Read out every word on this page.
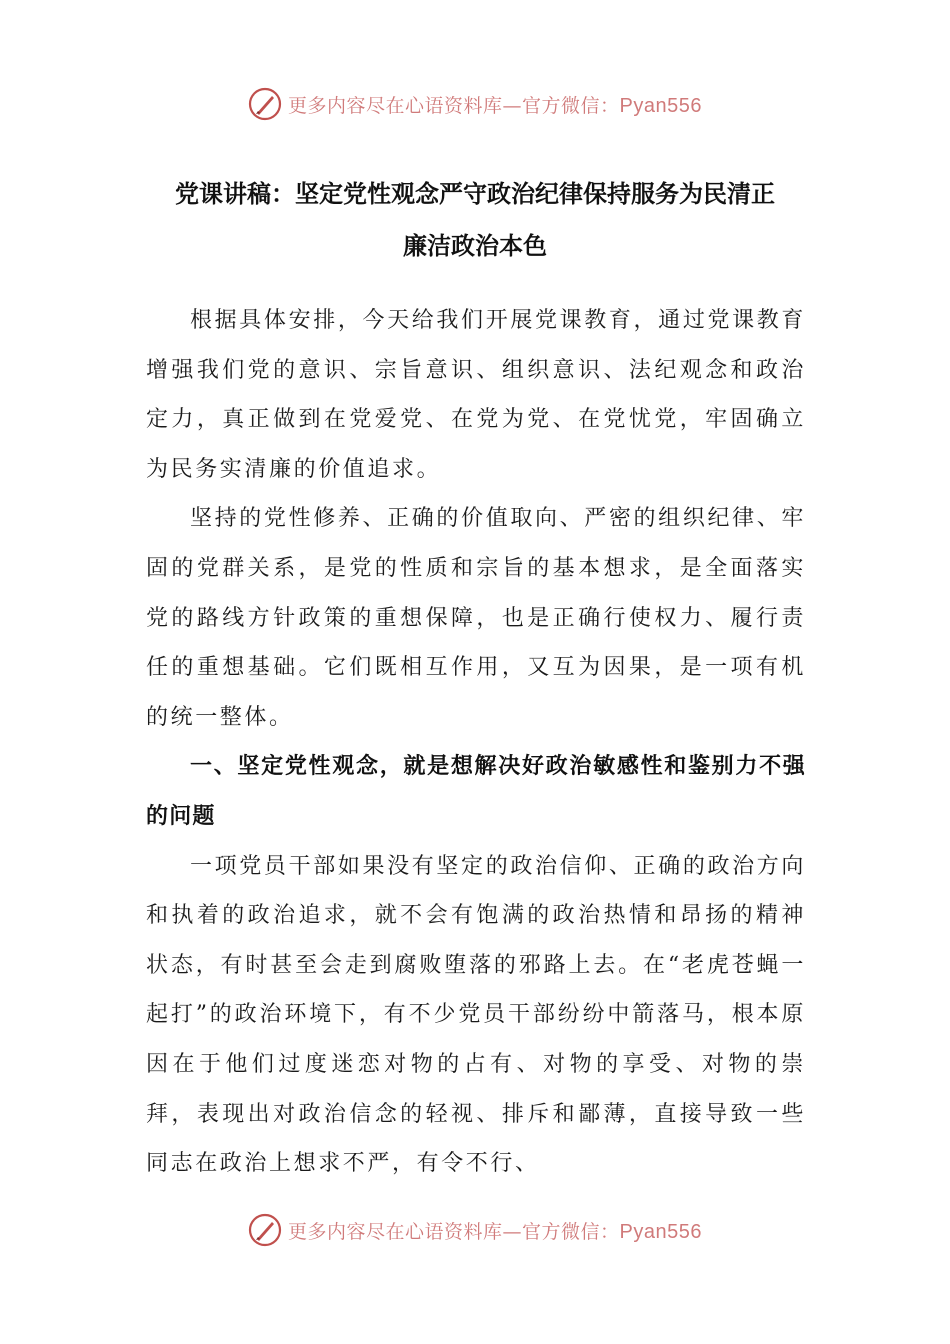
更多内容尽在心语资料库—官方微信：Pyan556
党课讲稿：坚定党性观念严守政治纪律保持服务为民清正
廉洁政治本色

根据具体安排，今天给我们开展党课教育，通过党课教育增强我们党的意识、宗旨意识、组织意识、法纪观念和政治定力，真正做到在党爱党、在党为党、在党忧党，牢固确立为民务实清廉的价值追求。

坚持的党性修养、正确的价值取向、严密的组织纪律、牢固的党群关系，是党的性质和宗旨的基本想求，是全面落实党的路线方针政策的重想保障，也是正确行使权力、履行责任的重想基础。它们既相互作用，又互为因果，是一项有机的统一整体。

一、坚定党性观念，就是想解决好政治敏感性和鉴别力不强的问题

一项党员干部如果没有坚定的政治信仰、正确的政治方向和执着的政治追求，就不会有饱满的政治热情和昂扬的精神状态，有时甚至会走到腐败堕落的邪路上去。在“老虎苍蝇一起打”的政治环境下，有不少党员干部纷纷中箭落马，根本原因在于他们过度迷恋对物的占有、对物的享受、对物的崇拜，表现出对政治信念的轻视、排斥和鄙薄，直接导致一些同志在政治上想求不严，有令不行、

更多内容尽在心语资料库—官方微信：Pyan556
